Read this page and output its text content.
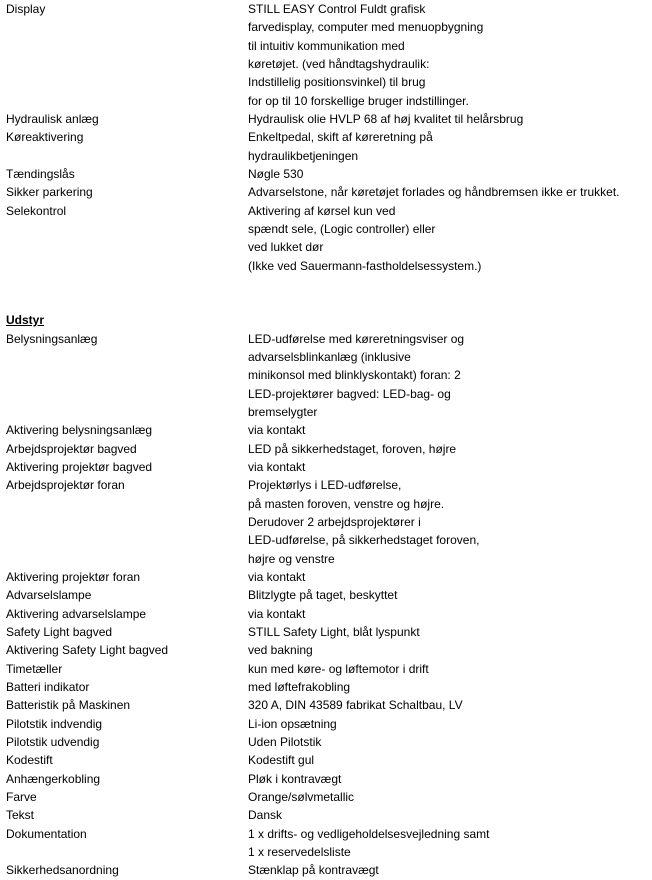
Display	STILL EASY Control Fuldt grafisk
farvedisplay, computer med menuopbygning
til intuitiv kommunikation med
køretøjet. (ved håndtagshydraulik:
Indstillelig positionsvinkel) til brug
for op til 10 forskellige bruger indstillinger.
Hydraulisk anlæg	Hydraulisk olie HVLP 68 af høj kvalitet til helårsbrug
Køreaktivering	Enkeltpedal, skift af køreretning på
hydraulikbetjeningen
Tændingslås	Nøgle 530
Sikker parkering	Advarselstone, når køretøjet forlades og håndbremsen ikke er trukket.
Selekontrol	Aktivering af kørsel kun ved
spændt sele, (Logic controller) eller
ved lukket dør
(Ikke ved Sauermann-fastholdelsessystem.)
Udstyr
Belysningsanlæg	LED-udførelse med køreretningsviser og
advarselsblinkanlæg (inklusive
minikonsol med blinklyskontakt) foran: 2
LED-projektører bagved: LED-bag- og
bremselygter
Aktivering belysningsanlæg	via kontakt
Arbejdsprojektør bagved	LED på sikkerhedstaget, foroven, højre
Aktivering projektør bagved	via kontakt
Arbejdsprojektør foran	Projektørlys i LED-udførelse,
på masten foroven, venstre og højre.
Derudover 2 arbejdsprojektører i
LED-udførelse, på sikkerhedstaget foroven,
højre og venstre
Aktivering projektør foran	via kontakt
Advarselslampe	Blitzlygte på taget, beskyttet
Aktivering advarselslampe	via kontakt
Safety Light bagved	STILL Safety Light, blåt lyspunkt
Aktivering Safety Light bagved	ved bakning
Timetæller	kun med køre- og løftemotor i drift
Batteri indikator	med løftefrakobling
Batteristik på Maskinen	320 A, DIN 43589 fabrikat Schaltbau, LV
Pilotstik indvendig	Li-ion opsætning
Pilotstik udvendig	Uden Pilotstik
Kodestift	Kodestift gul
Anhængerkobling	Pløk i kontravægt
Farve	Orange/sølvmetallic
Tekst	Dansk
Dokumentation	1 x drifts- og vedligeholdelsesvejledning samt
1 x reservedelsliste
Sikkerhedsanordning	Stænklap på kontravægt
